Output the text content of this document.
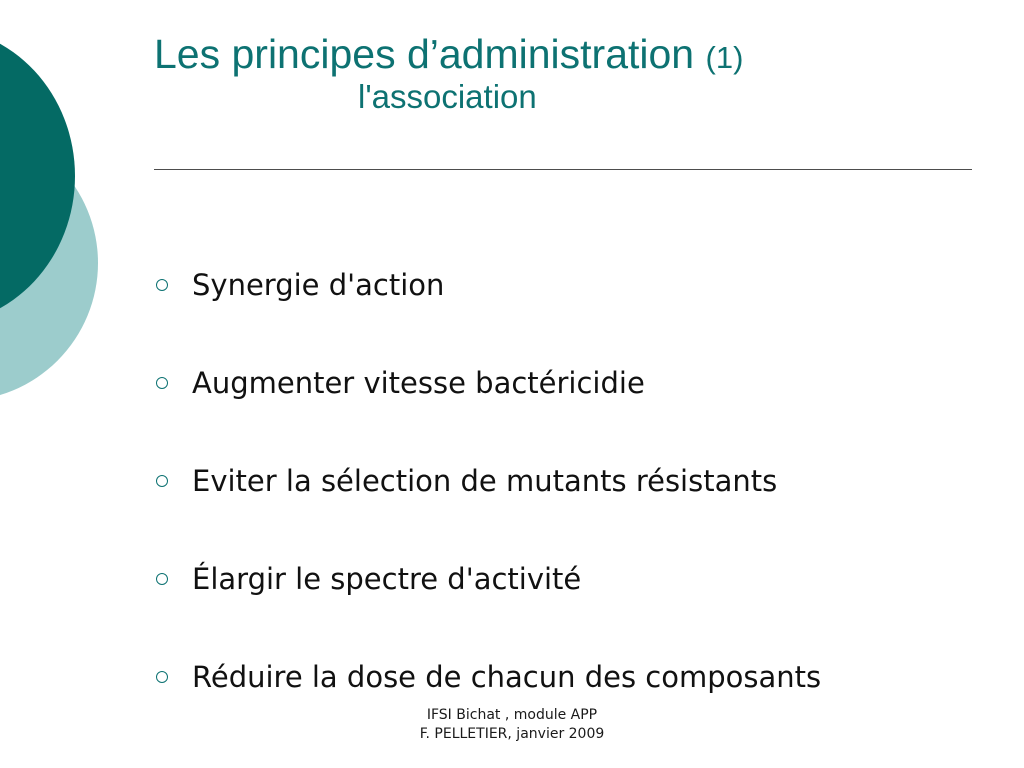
Les principes d’administration (1)
l'association
Synergie d'action
Augmenter vitesse bactéricidie
Eviter la sélection de mutants résistants
Élargir le spectre d'activité
Réduire la dose de chacun des composants
IFSI Bichat , module APP
F. PELLETIER, janvier 2009
